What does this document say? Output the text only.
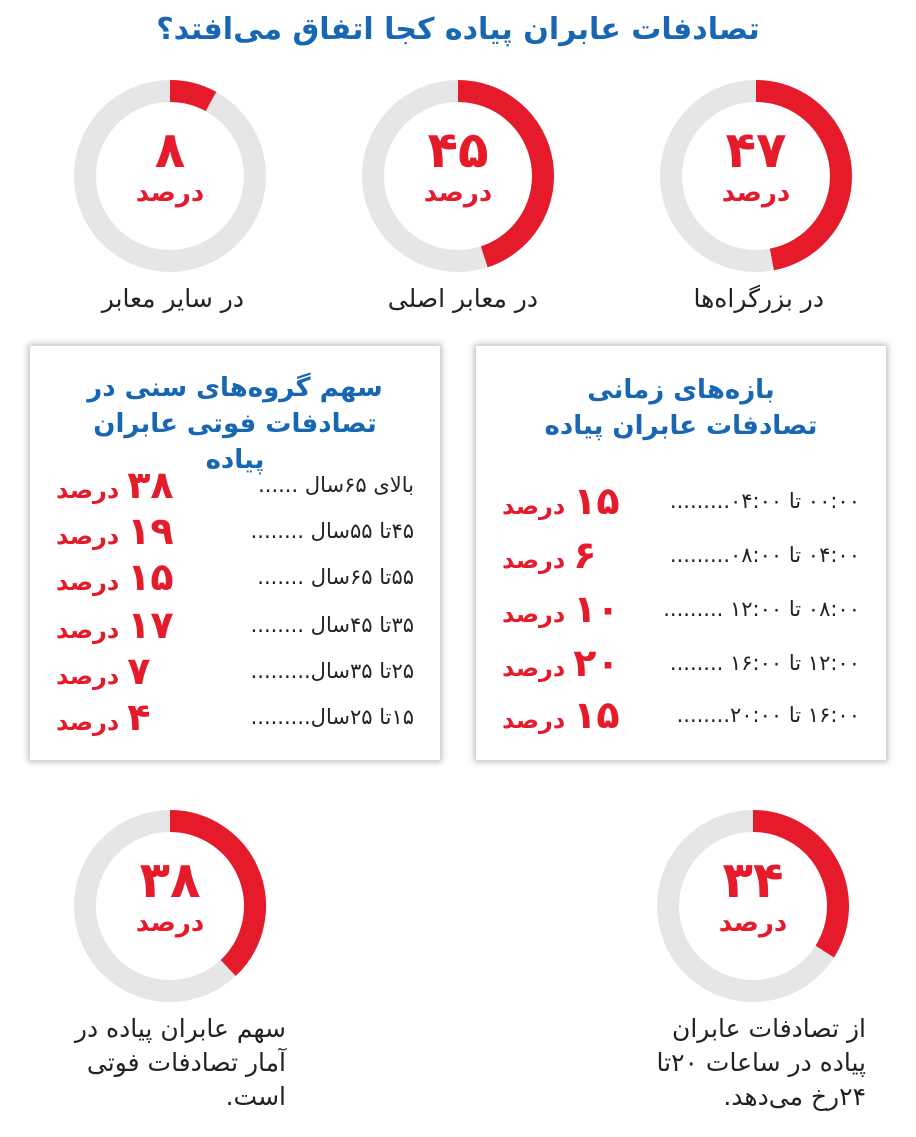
تصادفات عابران پیاده کجا اتفاق می‌افتد؟
۴۷
درصد
در بزرگراه‌ها
۴۵
درصد
در معابر اصلی
۸
درصد
در سایر معابر
بازه‌های زمانی تصادفات عابران پیاده
۰۰:۰۰ تا ۰۴:۰۰.........
۱۵
درصد
۰۴:۰۰ تا ۰۸:۰۰.........
۶
درصد
۰۸:۰۰ تا ۱۲:۰۰ .........
۱۰
درصد
۱۲:۰۰ تا ۱۶:۰۰ ........
۲۰
درصد
۱۶:۰۰ تا ۲۰:۰۰........
۱۵
درصد
سهم گروه‌های سنی در تصادفات فوتی عابران پیاده
بالای ۶۵سال ......
۳۸
درصد
۴۵تا ۵۵سال ........
۱۹
درصد
۵۵تا ۶۵سال .......
۱۵
درصد
۳۵تا ۴۵سال ........
۱۷
درصد
۲۵تا ۳۵سال.........
۷
درصد
۱۵تا ۲۵سال.........
۴
درصد
۳۴
درصد
از تصادفات عابران پیاده در ساعات ۲۰تا ۲۴رخ می‌دهد.
۳۸
درصد
سهم عابران پیاده در آمار تصادفات فوتی است.
